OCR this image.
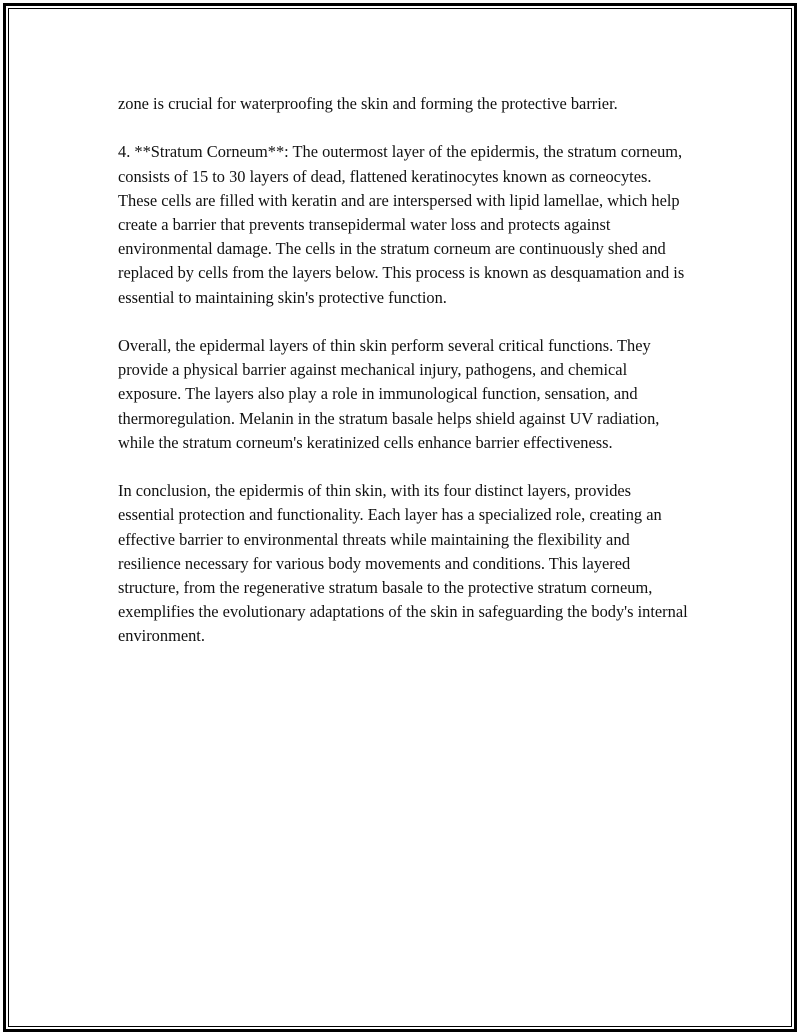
zone is crucial for waterproofing the skin and forming the protective barrier.

4. **Stratum Corneum**: The outermost layer of the epidermis, the stratum corneum, consists of 15 to 30 layers of dead, flattened keratinocytes known as corneocytes. These cells are filled with keratin and are interspersed with lipid lamellae, which help create a barrier that prevents transepidermal water loss and protects against environmental damage. The cells in the stratum corneum are continuously shed and replaced by cells from the layers below. This process is known as desquamation and is essential to maintaining skin's protective function.

Overall, the epidermal layers of thin skin perform several critical functions. They provide a physical barrier against mechanical injury, pathogens, and chemical exposure. The layers also play a role in immunological function, sensation, and thermoregulation. Melanin in the stratum basale helps shield against UV radiation, while the stratum corneum's keratinized cells enhance barrier effectiveness.

In conclusion, the epidermis of thin skin, with its four distinct layers, provides essential protection and functionality. Each layer has a specialized role, creating an effective barrier to environmental threats while maintaining the flexibility and resilience necessary for various body movements and conditions. This layered structure, from the regenerative stratum basale to the protective stratum corneum, exemplifies the evolutionary adaptations of the skin in safeguarding the body's internal environment.
